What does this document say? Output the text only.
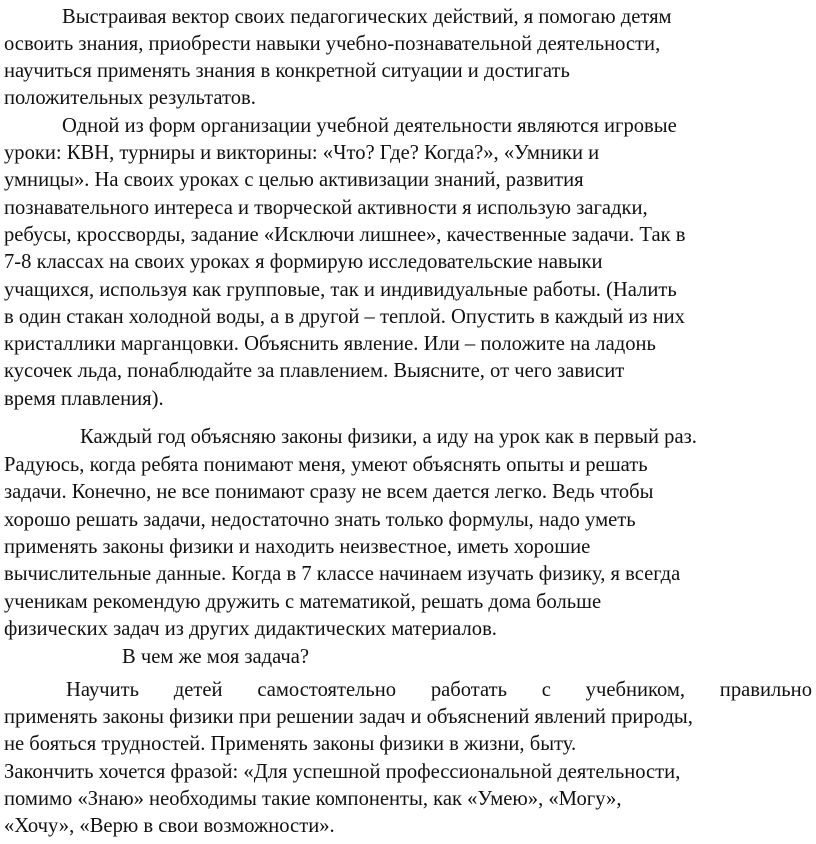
Выстраивая вектор своих педагогических действий, я помогаю детям
освоить знания, приобрести навыки учебно-познавательной деятельности,
научиться применять знания в конкретной ситуации и достигать
положительных результатов.
Одной из форм организации учебной деятельности являются игровые
уроки: КВН, турниры и викторины: «Что? Где? Когда?», «Умники и
умницы». На своих уроках с целью активизации знаний, развития
познавательного интереса и творческой активности я использую загадки,
ребусы, кроссворды, задание «Исключи лишнее», качественные задачи. Так в
7-8 классах на своих уроках я формирую исследовательские навыки
учащихся, используя как групповые, так и индивидуальные работы. (Налить
в один стакан холодной воды, а в другой – теплой. Опустить в каждый из них
кристаллики марганцовки. Объяснить явление. Или – положите на ладонь
кусочек льда, понаблюдайте за плавлением. Выясните, от чего зависит
время плавления).
Каждый год объясняю законы физики, а иду на урок как в первый раз.
Радуюсь, когда ребята понимают меня, умеют объяснять опыты и решать
задачи. Конечно, не все понимают сразу не всем дается легко. Ведь чтобы
хорошо решать задачи, недостаточно знать только формулы, надо уметь
применять законы физики и находить неизвестное, иметь хорошие
вычислительные данные. Когда в 7 классе начинаем изучать физику, я всегда
ученикам рекомендую дружить с математикой, решать дома больше
физических задач из других дидактических материалов.
В чем же моя задача?
Научить детей самостоятельно работать с учебником, правильно
применять законы физики при решении задач и объяснений явлений природы,
не бояться трудностей. Применять законы физики в жизни, быту.
Закончить хочется фразой: «Для успешной профессиональной деятельности,
помимо «Знаю» необходимы такие компоненты, как «Умею», «Могу»,
«Хочу», «Верю в свои возможности».
